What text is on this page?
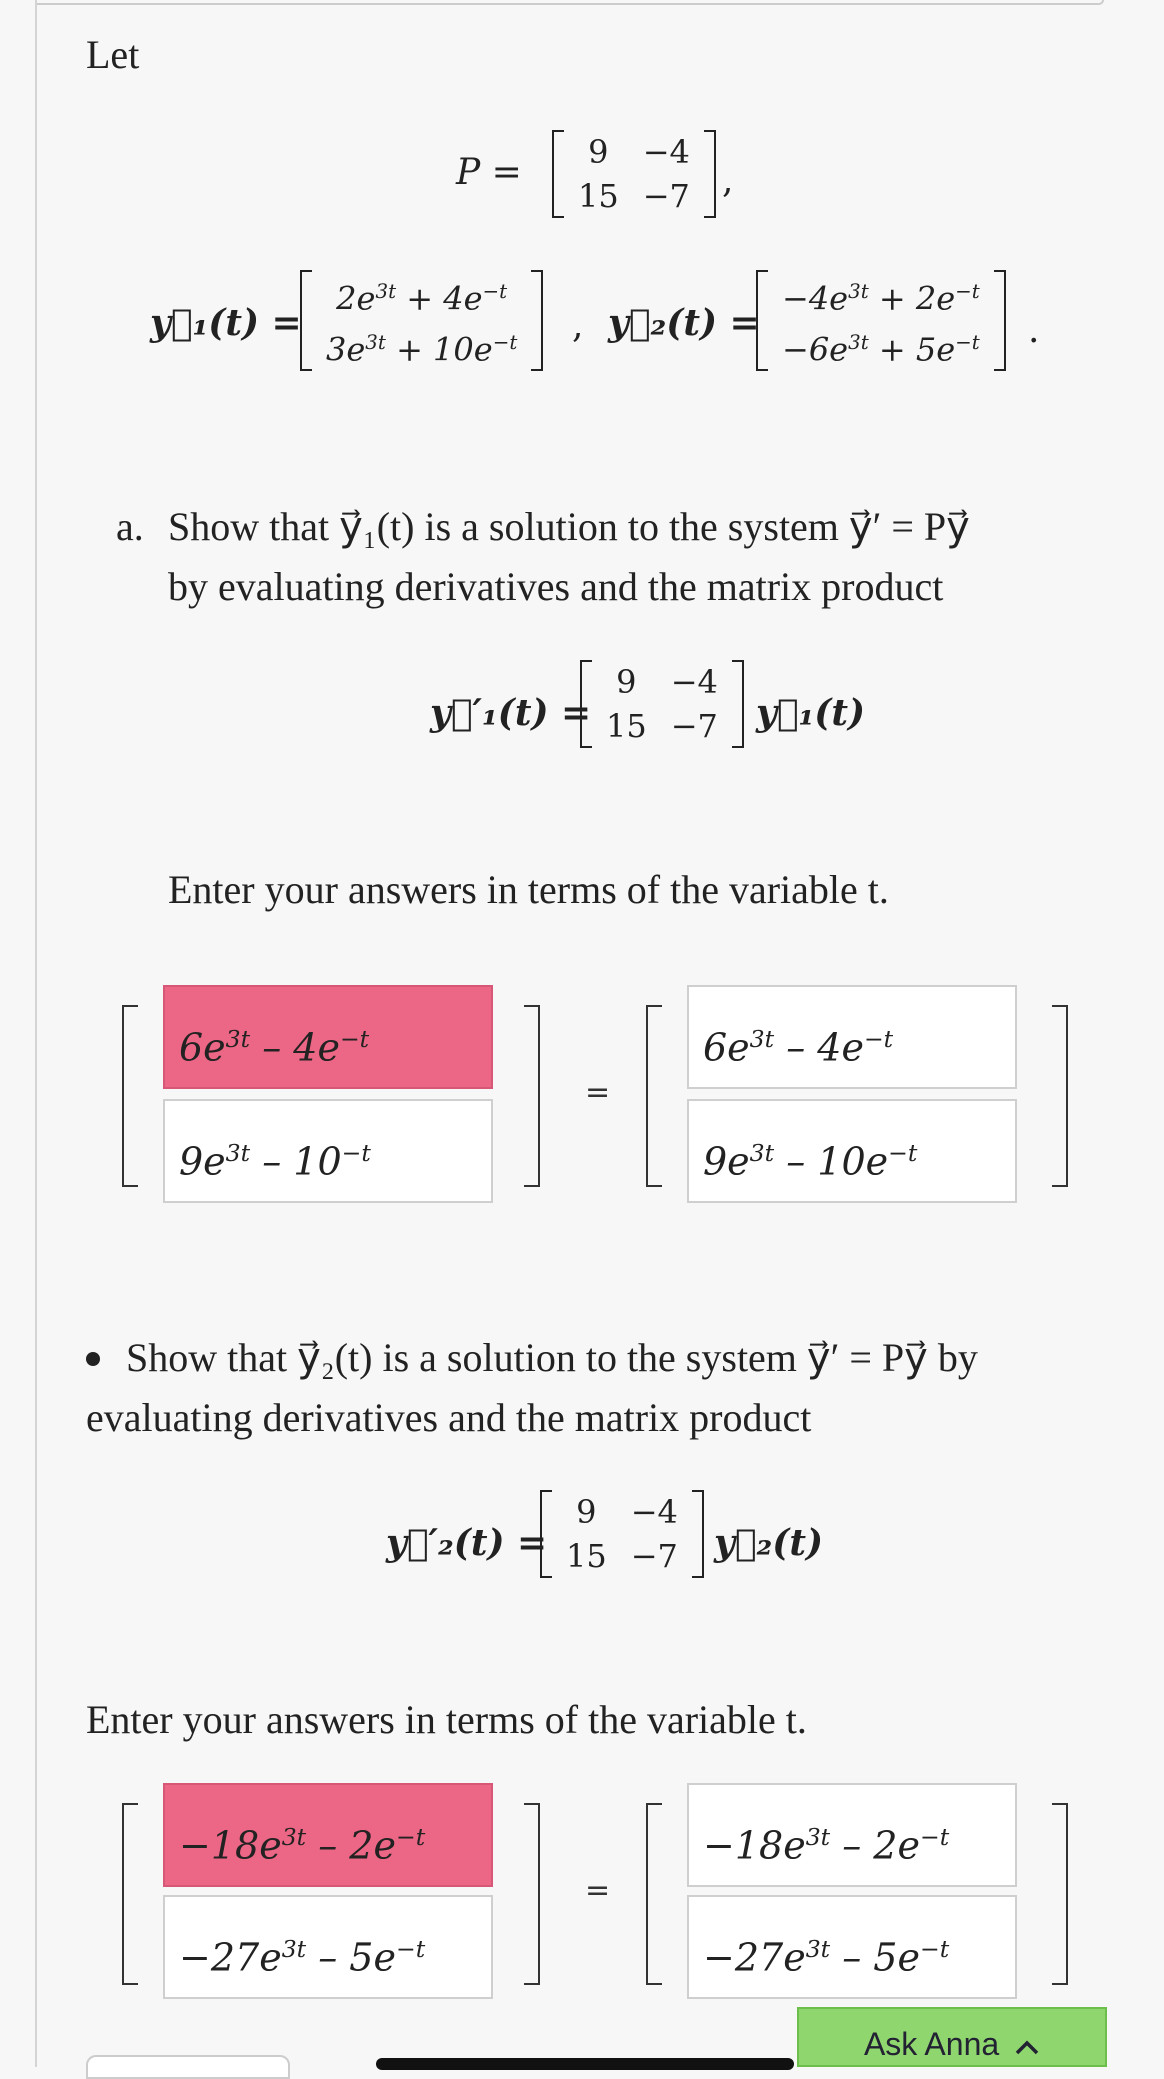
Let
P = 9	−4
15	−7 ,
y⃗₁(t) =
$2e^{3t} + 4e^{-t}$
$3e^{3t} + 10e^{-t}$ , y⃗₂(t) =
$-4e^{3t} + 2e^{-t}$
$-6e^{3t} + 5e^{-t}$ .
a. Show that y⃗₁(t) is a solution to the system y⃗′ = Py⃗
by evaluating derivatives and the matrix product
y⃗′₁(t) =
9	−4
15	−7 y⃗₁(t)
Enter your answers in terms of the variable t.
$6e^{3t} - 4e^{-t}$
$9e^{3t} - 10^{-t}$
=
$6e^{3t} - 4e^{-t}$
$9e^{3t} - 10e^{-t}$
Show that y⃗₂(t) is a solution to the system y⃗′ = Py⃗ by
evaluating derivatives and the matrix product
y⃗′₂(t) =
9	−4
15	−7 y⃗₂(t)
Enter your answers in terms of the variable t.
$-18e^{3t} - 2e^{-t}$
$-27e^{3t} - 5e^{-t}$
=
$-18e^{3t} - 2e^{-t}$
$-27e^{3t} - 5e^{-t}$
Ask Anna
